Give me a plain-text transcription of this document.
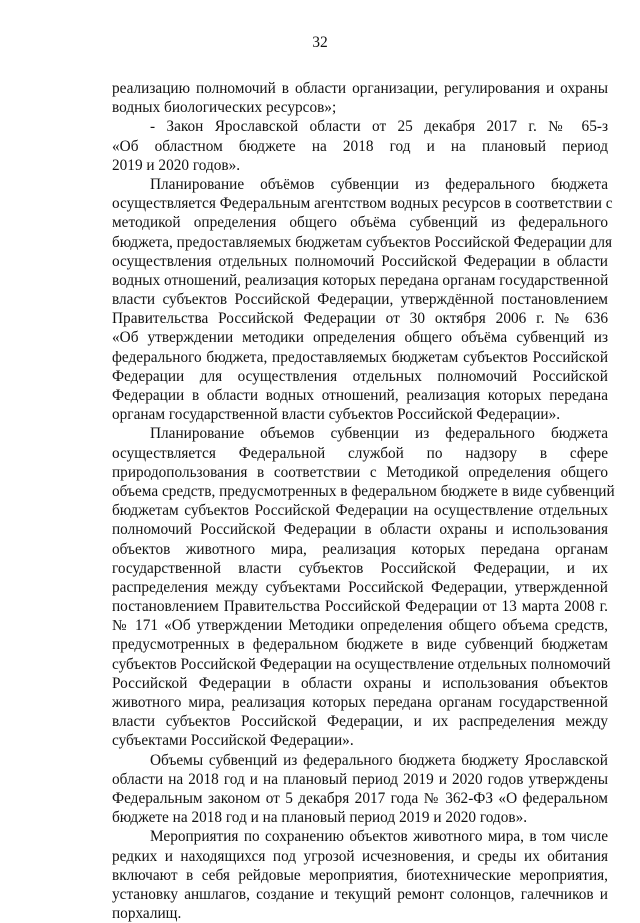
32
реализацию полномочий в области организации, регулирования и охраны
водных биологических ресурсов»;
- Закон Ярославской области от 25 декабря 2017 г. № 65-з
«Об областном бюджете на 2018 год и на плановый период
2019 и 2020 годов».
Планирование объёмов субвенции из федерального бюджета
осуществляется Федеральным агентством водных ресурсов в соответствии с
методикой определения общего объёма субвенций из федерального
бюджета, предоставляемых бюджетам субъектов Российской Федерации для
осуществления отдельных полномочий Российской Федерации в области
водных отношений, реализация которых передана органам государственной
власти субъектов Российской Федерации, утверждённой постановлением
Правительства Российской Федерации от 30 октября 2006 г. № 636
«Об утверждении методики определения общего объёма субвенций из
федерального бюджета, предоставляемых бюджетам субъектов Российской
Федерации для осуществления отдельных полномочий Российской
Федерации в области водных отношений, реализация которых передана
органам государственной власти субъектов Российской Федерации».
Планирование объемов субвенции из федерального бюджета
осуществляется Федеральной службой по надзору в сфере
природопользования в соответствии с Методикой определения общего
объема средств, предусмотренных в федеральном бюджете в виде субвенций
бюджетам субъектов Российской Федерации на осуществление отдельных
полномочий Российской Федерации в области охраны и использования
объектов животного мира, реализация которых передана органам
государственной власти субъектов Российской Федерации, и их
распределения между субъектами Российской Федерации, утвержденной
постановлением Правительства Российской Федерации от 13 марта 2008 г.
№ 171 «Об утверждении Методики определения общего объема средств,
предусмотренных в федеральном бюджете в виде субвенций бюджетам
субъектов Российской Федерации на осуществление отдельных полномочий
Российской Федерации в области охраны и использования объектов
животного мира, реализация которых передана органам государственной
власти субъектов Российской Федерации, и их распределения между
субъектами Российской Федерации».
Объемы субвенций из федерального бюджета бюджету Ярославской
области на 2018 год и на плановый период 2019 и 2020 годов утверждены
Федеральным законом от 5 декабря 2017 года № 362-ФЗ «О федеральном
бюджете на 2018 год и на плановый период 2019 и 2020 годов».
Мероприятия по сохранению объектов животного мира, в том числе
редких и находящихся под угрозой исчезновения, и среды их обитания
включают в себя рейдовые мероприятия, биотехнические мероприятия,
установку аншлагов, создание и текущий ремонт солонцов, галечников и
порхалищ.
